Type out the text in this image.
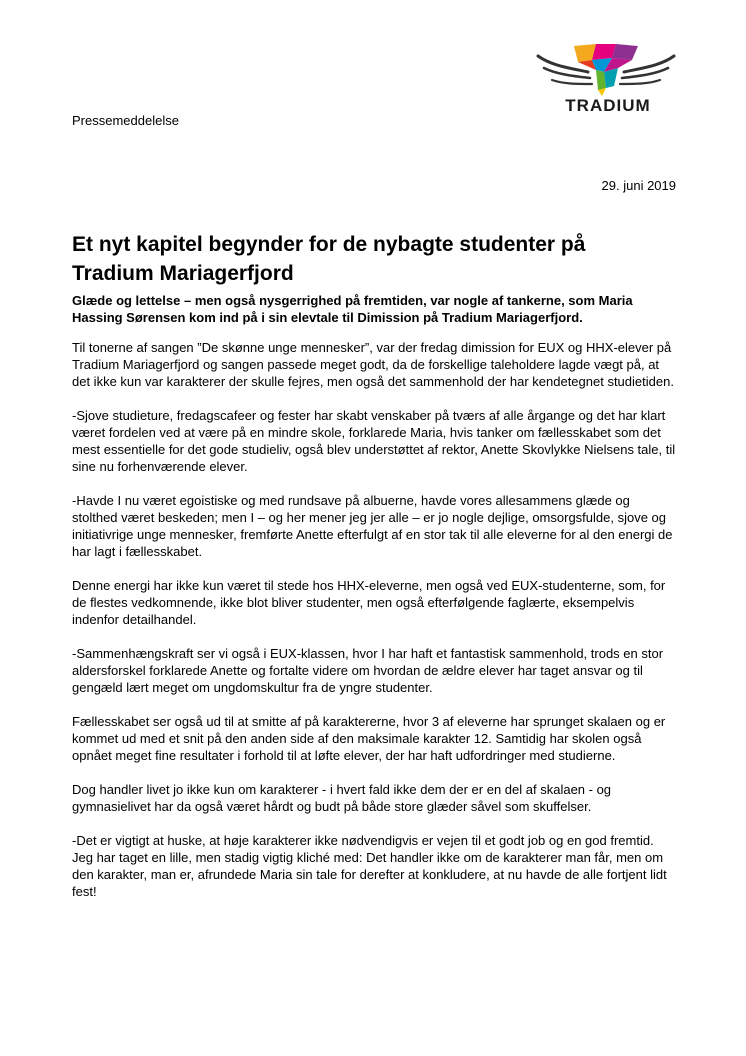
TRADIUM
Pressemeddelelse
29. juni 2019
Et nyt kapitel begynder for de nybagte studenter på
Tradium Mariagerfjord

Glæde og lettelse – men også nysgerrighed på fremtiden, var nogle af tankerne, som Maria Hassing Sørensen kom ind på i sin elevtale til Dimission på Tradium Mariagerfjord.

Til tonerne af sangen ”De skønne unge mennesker”, var der fredag dimission for EUX og HHX-elever på Tradium Mariagerfjord og sangen passede meget godt, da de forskellige taleholdere lagde vægt på, at det ikke kun var karakterer der skulle fejres, men også det sammenhold der har kendetegnet studietiden.

-Sjove studieture, fredagscafeer og fester har skabt venskaber på tværs af alle årgange og det har klart været fordelen ved at være på en mindre skole, forklarede Maria, hvis tanker om fællesskabet som det mest essentielle for det gode studieliv, også blev understøttet af rektor, Anette Skovlykke Nielsens tale, til sine nu forhenværende elever.

-Havde I nu været egoistiske og med rundsave på albuerne, havde vores allesammens glæde og stolthed været beskeden; men I – og her mener jeg jer alle – er jo nogle dejlige, omsorgsfulde, sjove og initiativrige unge mennesker, fremførte Anette efterfulgt af en stor tak til alle eleverne for al den energi de har lagt i fællesskabet.

Denne energi har ikke kun været til stede hos HHX-eleverne, men også ved EUX-studenterne, som, for de flestes vedkomnende, ikke blot bliver studenter, men også efterfølgende faglærte, eksempelvis indenfor detailhandel.

-Sammenhængskraft ser vi også i EUX-klassen, hvor I har haft et fantastisk sammenhold, trods en stor aldersforskel forklarede Anette og fortalte videre om hvordan de ældre elever har taget ansvar og til gengæld lært meget om ungdomskultur fra de yngre studenter.

Fællesskabet ser også ud til at smitte af på karaktererne, hvor 3 af eleverne har sprunget skalaen og er kommet ud med et snit på den anden side af den maksimale karakter 12. Samtidig har skolen også opnået meget fine resultater i forhold til at løfte elever, der har haft udfordringer med studierne.

Dog handler livet jo ikke kun om karakterer - i hvert fald ikke dem der er en del af skalaen - og gymnasielivet har da også været hårdt og budt på både store glæder såvel som skuffelser.

-Det er vigtigt at huske, at høje karakterer ikke nødvendigvis er vejen til et godt job og en god fremtid. Jeg har taget en lille, men stadig vigtig kliché med: Det handler ikke om de karakterer man får, men om den karakter, man er, afrundede Maria sin tale for derefter at konkludere, at nu havde de alle fortjent lidt fest!
